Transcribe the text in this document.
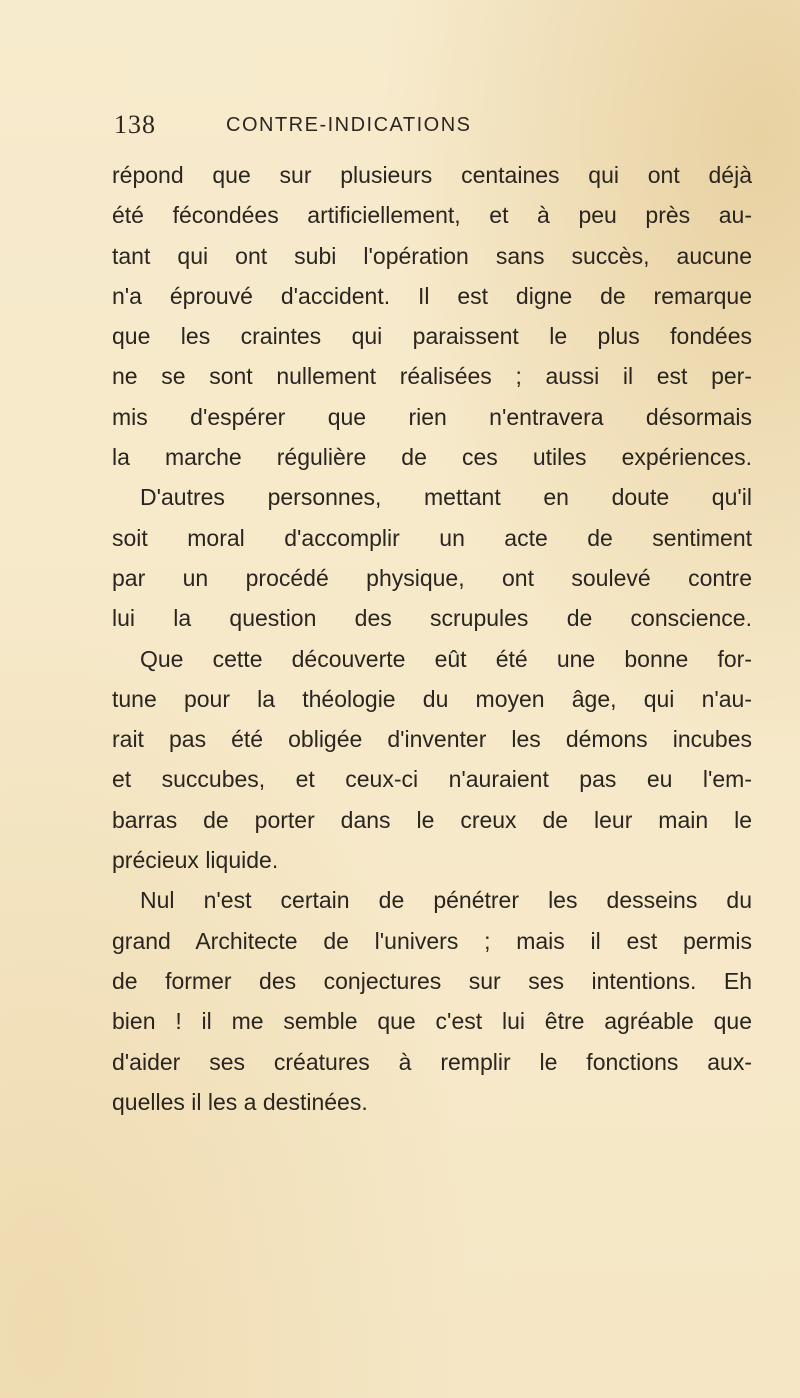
138	CONTRE-INDICATIONS
répond que sur plusieurs centaines qui ont déjà
été fécondées artificiellement, et à peu près au-
tant qui ont subi l'opération sans succès, aucune
n'a éprouvé d'accident. Il est digne de remarque
que les craintes qui paraissent le plus fondées
ne se sont nullement réalisées ; aussi il est per-
mis d'espérer que rien n'entravera désormais
la marche régulière de ces utiles expériences.
D'autres personnes, mettant en doute qu'il
soit moral d'accomplir un acte de sentiment
par un procédé physique, ont soulevé contre
lui la question des scrupules de conscience.
Que cette découverte eût été une bonne for-
tune pour la théologie du moyen âge, qui n'au-
rait pas été obligée d'inventer les démons incubes
et succubes, et ceux-ci n'auraient pas eu l'em-
barras de porter dans le creux de leur main le
précieux liquide.
Nul n'est certain de pénétrer les desseins du
grand Architecte de l'univers ; mais il est permis
de former des conjectures sur ses intentions. Eh
bien ! il me semble que c'est lui être agréable que
d'aider ses créatures à remplir le fonctions aux-
quelles il les a destinées.
